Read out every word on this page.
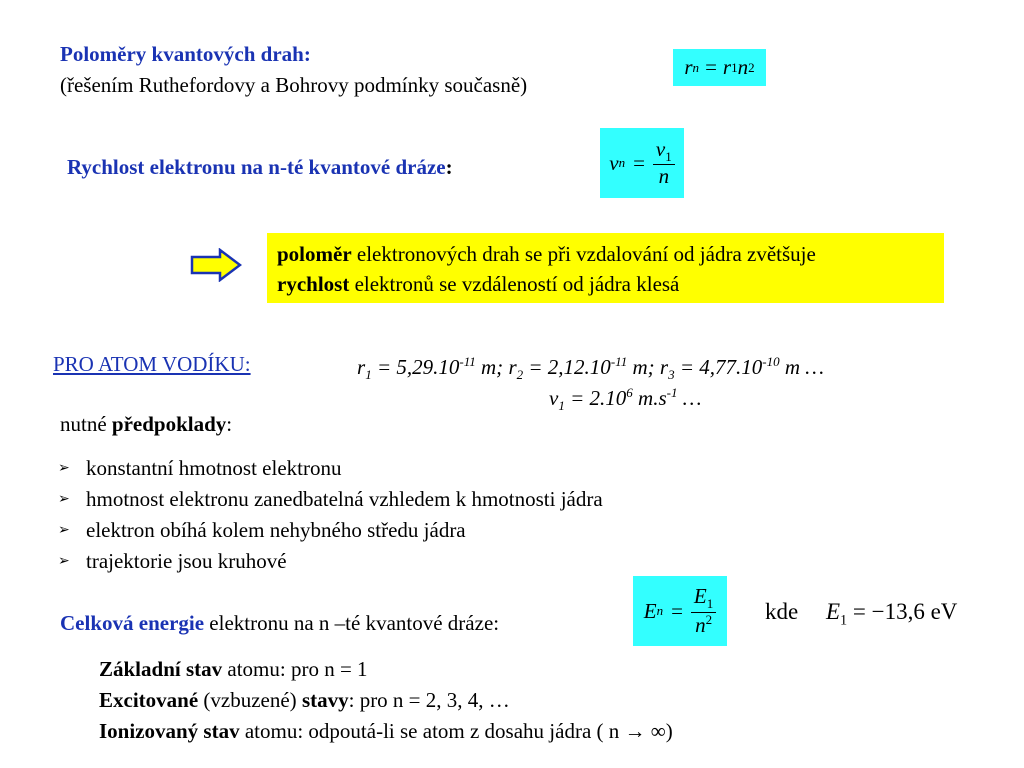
Poloměry kvantových drah:
(řešením Ruthefordovy a Bohrovy podmínky současně)
r n = r 1 n 2
Rychlost elektronu na n-té kvantové dráze:	v $n = \frac{v_1}{n}$
poloměr elektronových drah se při vzdalování od jádra zvětšuje
rychlost elektronů se vzdáleností od jádra klesá
PRO ATOM VODÍKU:	$r_1 = 5,29.10^{-11}$ m; $r_2 = 2,12.10^{-11}$ m; $r_3 = 4,77.10^{-10}$ m …
$v_1 = 2.10^6$ $m.s^{-1}$ …
nutné předpoklady:
➢ konstantní hmotnost elektronu
➢ hmotnost elektronu zanedbatelná vzhledem k hmotnosti jádra
➢ elektron obíhá kolem nehybného středu jádra
➢ trajektorie jsou kruhové
Celková energie elektronu na n –té kvantové dráze:
E $n = \frac{E_1}{n^2}$ kde $E_1 = -13,6$ eV
Základní stav atomu: pro n = 1
Excitované (vzbuzené) stavy: pro n = 2, 3, 4, …
Ionizovaný stav atomu: odpoutá-li se atom z dosahu jádra ( n → ∞)
